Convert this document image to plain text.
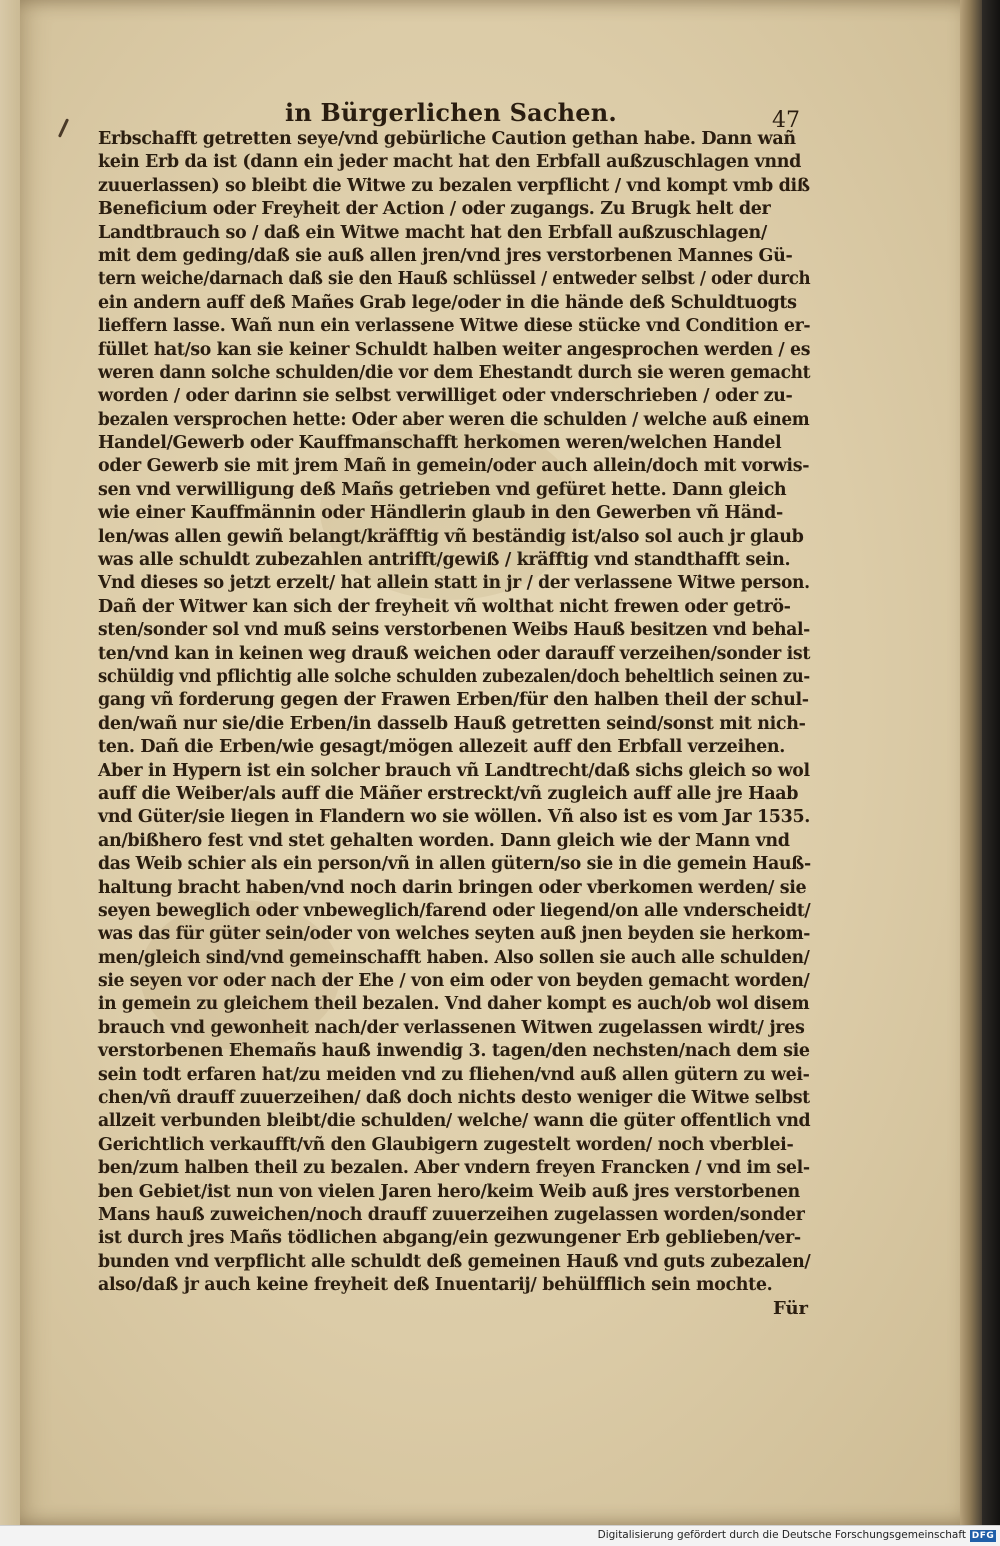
in Bürgerlichen Sachen.	47
Erbschafft getretten seye/vnd gebürliche Caution gethan habe. Dann wañ
kein Erb da ist (dann ein jeder macht hat den Erbfall außzuschlagen vnnd
zuuerlassen) so bleibt die Witwe zu bezalen verpflicht / vnd kompt vmb diß
Beneficium oder Freyheit der Action / oder zugangs. Zu Brugk helt der
Landtbrauch so / daß ein Witwe macht hat den Erbfall außzuschlagen/
mit dem geding/daß sie auß allen jren/vnd jres verstorbenen Mannes Gü-
tern weiche/darnach daß sie den Hauß schlüssel / entweder selbst / oder durch
ein andern auff deß Mañes Grab lege/oder in die hände deß Schuldtuogts
lieffern lasse. Wañ nun ein verlassene Witwe diese stücke vnd Condition er-
füllet hat/so kan sie keiner Schuldt halben weiter angesprochen werden / es
weren dann solche schulden/die vor dem Ehestandt durch sie weren gemacht
worden / oder darinn sie selbst verwilliget oder vnderschrieben / oder zu-
bezalen versprochen hette: Oder aber weren die schulden / welche auß einem
Handel/Gewerb oder Kauffmanschafft herkomen weren/welchen Handel
oder Gewerb sie mit jrem Mañ in gemein/oder auch allein/doch mit vorwis-
sen vnd verwilligung deß Mañs getrieben vnd gefüret hette. Dann gleich
wie einer Kauffmännin oder Händlerin glaub in den Gewerben vñ Händ-
len/was allen gewiñ belangt/kräfftig vñ beständig ist/also sol auch jr glaub
was alle schuldt zubezahlen antrifft/gewiß / kräfftig vnd standthafft sein.
Vnd dieses so jetzt erzelt/ hat allein statt in jr / der verlassene Witwe person.
Dañ der Witwer kan sich der freyheit vñ wolthat nicht frewen oder getrö-
sten/sonder sol vnd muß seins verstorbenen Weibs Hauß besitzen vnd behal-
ten/vnd kan in keinen weg drauß weichen oder darauff verzeihen/sonder ist
schüldig vnd pflichtig alle solche schulden zubezalen/doch beheltlich seinen zu-
gang vñ forderung gegen der Frawen Erben/für den halben theil der schul-
den/wañ nur sie/die Erben/in dasselb Hauß getretten seind/sonst mit nich-
ten. Dañ die Erben/wie gesagt/mögen allezeit auff den Erbfall verzeihen.
Aber in Hypern ist ein solcher brauch vñ Landtrecht/daß sichs gleich so wol
auff die Weiber/als auff die Mäñer erstreckt/vñ zugleich auff alle jre Haab
vnd Güter/sie liegen in Flandern wo sie wöllen. Vñ also ist es vom Jar 1535.
an/bißhero fest vnd stet gehalten worden. Dann gleich wie der Mann vnd
das Weib schier als ein person/vñ in allen gütern/so sie in die gemein Hauß-
haltung bracht haben/vnd noch darin bringen oder vberkomen werden/ sie
seyen beweglich oder vnbeweglich/farend oder liegend/on alle vnderscheidt/
was das für güter sein/oder von welches seyten auß jnen beyden sie herkom-
men/gleich sind/vnd gemeinschafft haben. Also sollen sie auch alle schulden/
sie seyen vor oder nach der Ehe / von eim oder von beyden gemacht worden/
in gemein zu gleichem theil bezalen. Vnd daher kompt es auch/ob wol disem
brauch vnd gewonheit nach/der verlassenen Witwen zugelassen wirdt/ jres
verstorbenen Ehemañs hauß inwendig 3. tagen/den nechsten/nach dem sie
sein todt erfaren hat/zu meiden vnd zu fliehen/vnd auß allen gütern zu wei-
chen/vñ drauff zuuerzeihen/ daß doch nichts desto weniger die Witwe selbst
allzeit verbunden bleibt/die schulden/ welche/ wann die güter offentlich vnd
Gerichtlich verkaufft/vñ den Glaubigern zugestelt worden/ noch vberblei-
ben/zum halben theil zu bezalen. Aber vndern freyen Francken / vnd im sel-
ben Gebiet/ist nun von vielen Jaren hero/keim Weib auß jres verstorbenen
Mans hauß zuweichen/noch drauff zuuerzeihen zugelassen worden/sonder
ist durch jres Mañs tödlichen abgang/ein gezwungener Erb geblieben/ver-
bunden vnd verpflicht alle schuldt deß gemeinen Hauß vnd guts zubezalen/
also/daß jr auch keine freyheit deß Inuentarij/ behülfflich sein mochte.
Für
Digitalisierung gefördert durch die Deutsche Forschungsgemeinschaft DFG
